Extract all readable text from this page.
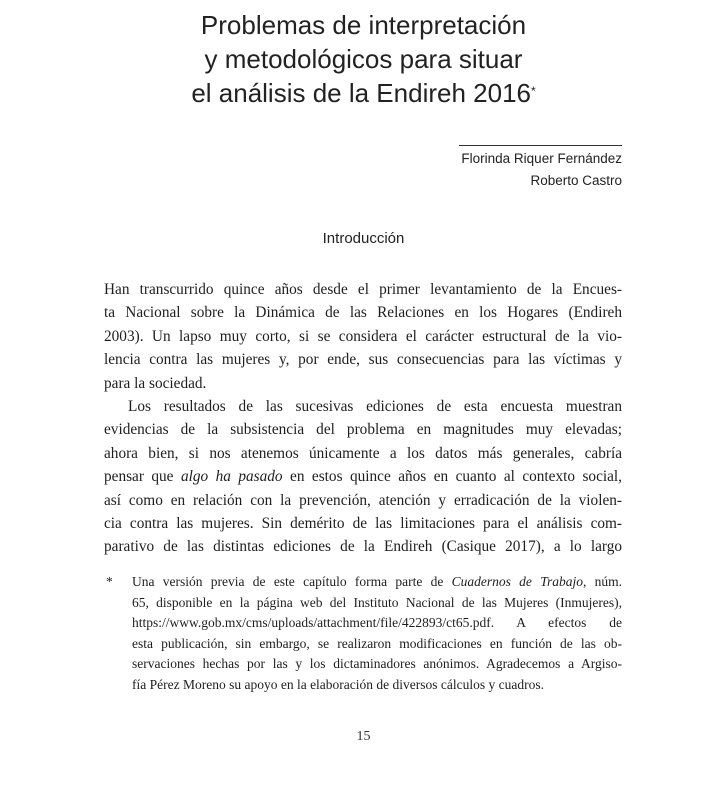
Problemas de interpretación
y metodológicos para situar
el análisis de la Endireh 2016*
Florinda Riquer Fernández
Roberto Castro
Introducción
Han transcurrido quince años desde el primer levantamiento de la Encues-
ta Nacional sobre la Dinámica de las Relaciones en los Hogares (Endireh
2003). Un lapso muy corto, si se considera el carácter estructural de la vio-
lencia contra las mujeres y, por ende, sus consecuencias para las víctimas y
para la sociedad.
Los resultados de las sucesivas ediciones de esta encuesta muestran
evidencias de la subsistencia del problema en magnitudes muy elevadas;
ahora bien, si nos atenemos únicamente a los datos más generales, cabría
pensar que algo ha pasado en estos quince años en cuanto al contexto social,
así como en relación con la prevención, atención y erradicación de la violen-
cia contra las mujeres. Sin demérito de las limitaciones para el análisis com-
parativo de las distintas ediciones de la Endireh (Casique 2017), a lo largo
* Una versión previa de este capítulo forma parte de Cuadernos de Trabajo, núm.
65, disponible en la página web del Instituto Nacional de las Mujeres (Inmujeres),
https://www.gob.mx/cms/uploads/attachment/file/422893/ct65.pdf. A efectos de
esta publicación, sin embargo, se realizaron modificaciones en función de las ob-
servaciones hechas por las y los dictaminadores anónimos. Agradecemos a Argiso-
fía Pérez Moreno su apoyo en la elaboración de diversos cálculos y cuadros.
15
